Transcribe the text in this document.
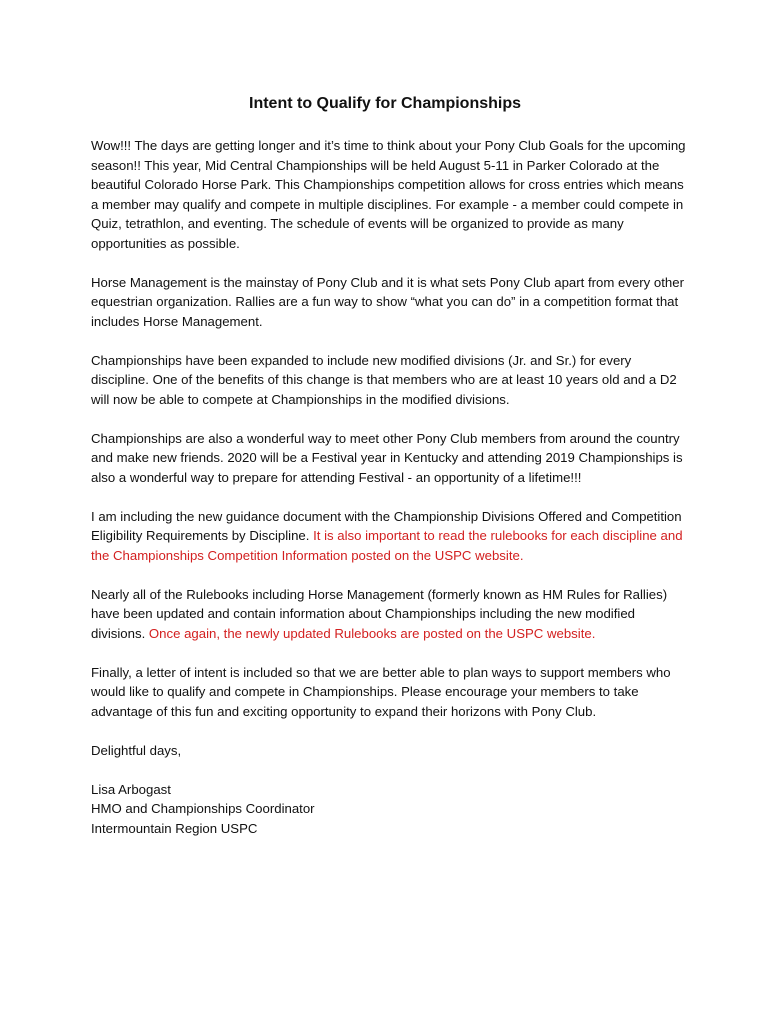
Intent to Qualify for Championships

Wow!!! The days are getting longer and it’s time to think about your Pony Club Goals for the upcoming season!! This year, Mid Central Championships will be held August 5-11 in Parker Colorado at the beautiful Colorado Horse Park. This Championships competition allows for cross entries which means a member may qualify and compete in multiple disciplines. For example - a member could compete in Quiz, tetrathlon, and eventing. The schedule of events will be organized to provide as many opportunities as possible.

Horse Management is the mainstay of Pony Club and it is what sets Pony Club apart from every other equestrian organization. Rallies are a fun way to show “what you can do” in a competition format that includes Horse Management.

Championships have been expanded to include new modified divisions (Jr. and Sr.) for every discipline. One of the benefits of this change is that members who are at least 10 years old and a D2 will now be able to compete at Championships in the modified divisions.

Championships are also a wonderful way to meet other Pony Club members from around the country and make new friends. 2020 will be a Festival year in Kentucky and attending 2019 Championships is also a wonderful way to prepare for attending Festival - an opportunity of a lifetime!!!

I am including the new guidance document with the Championship Divisions Offered and Competition Eligibility Requirements by Discipline. It is also important to read the rulebooks for each discipline and the Championships Competition Information posted on the USPC website.

Nearly all of the Rulebooks including Horse Management (formerly known as HM Rules for Rallies) have been updated and contain information about Championships including the new modified divisions. Once again, the newly updated Rulebooks are posted on the USPC website.

Finally, a letter of intent is included so that we are better able to plan ways to support members who would like to qualify and compete in Championships. Please encourage your members to take advantage of this fun and exciting opportunity to expand their horizons with Pony Club.

Delightful days,

Lisa Arbogast
HMO and Championships Coordinator
Intermountain Region USPC
